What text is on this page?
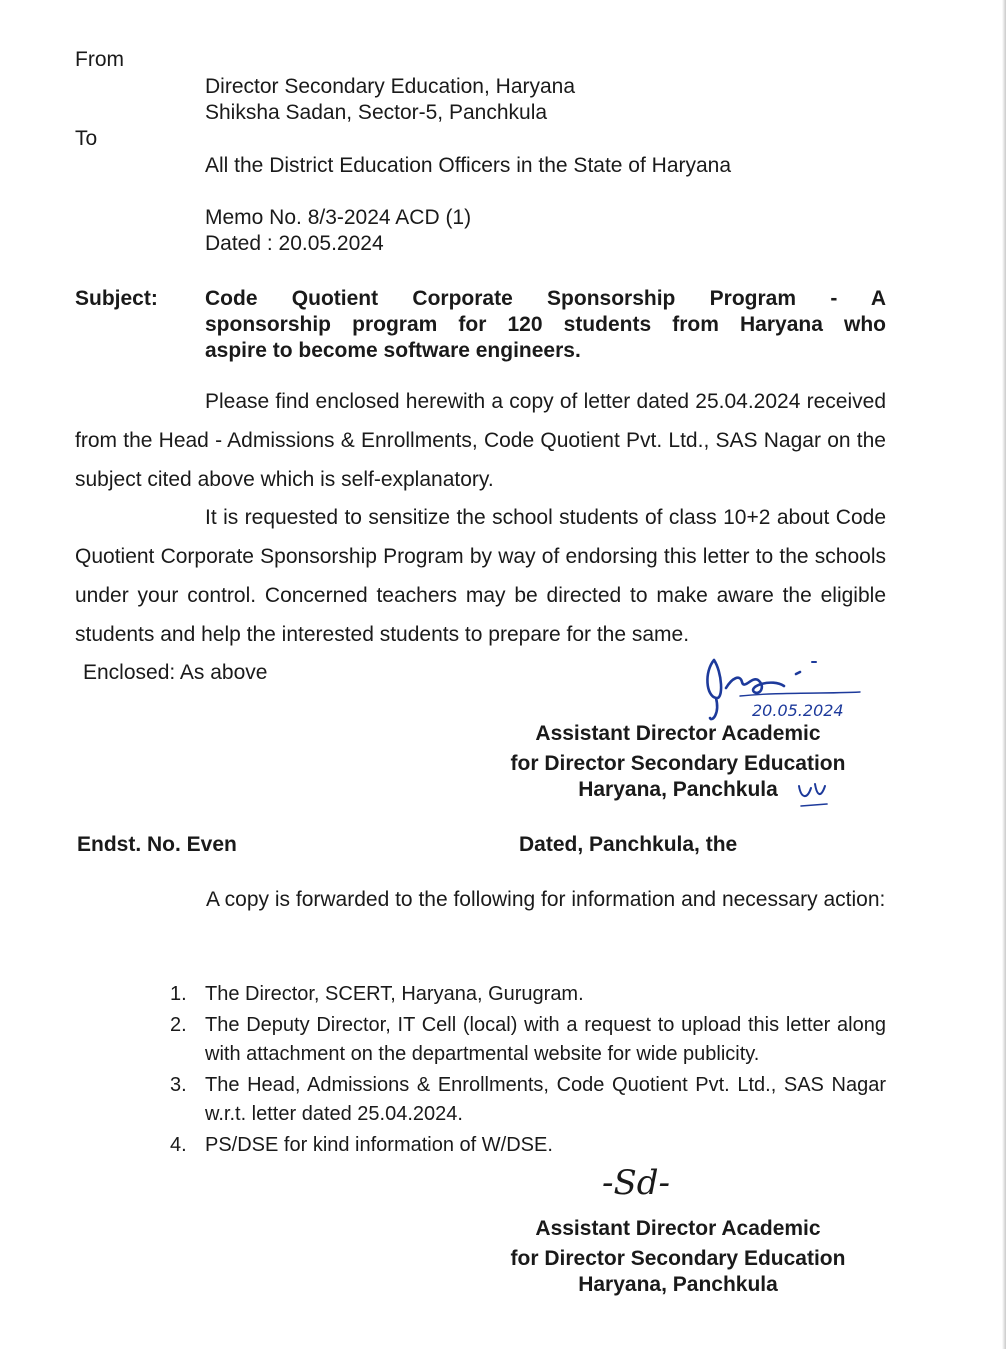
From
Director Secondary Education, Haryana
Shiksha Sadan, Sector-5, Panchkula
To
All the District Education Officers in the State of Haryana
Memo No. 8/3-2024 ACD (1)
Dated : 20.05.2024
Subject: Code Quotient Corporate Sponsorship Program - A
sponsorship program for 120 students from Haryana who
aspire to become software engineers.
Please find enclosed herewith a copy of letter dated 25.04.2024 received from the Head - Admissions & Enrollments, Code Quotient Pvt. Ltd., SAS Nagar on the subject cited above which is self-explanatory.
It is requested to sensitize the school students of class 10+2 about Code Quotient Corporate Sponsorship Program by way of endorsing this letter to the schools under your control. Concerned teachers may be directed to make aware the eligible students and help the interested students to prepare for the same.
Enclosed: As above
20.05.2024
Assistant Director Academic
for Director Secondary Education
Haryana, Panchkula
Endst. No. Even	Dated, Panchkula, the
A copy is forwarded to the following for information and necessary action:
1. The Director, SCERT, Haryana, Gurugram.
2. The Deputy Director, IT Cell (local) with a request to upload this letter along with attachment on the departmental website for wide publicity.
3. The Head, Admissions & Enrollments, Code Quotient Pvt. Ltd., SAS Nagar w.r.t. letter dated 25.04.2024.
4. PS/DSE for kind information of W/DSE.
-Sd-
Assistant Director Academic
for Director Secondary Education
Haryana, Panchkula
